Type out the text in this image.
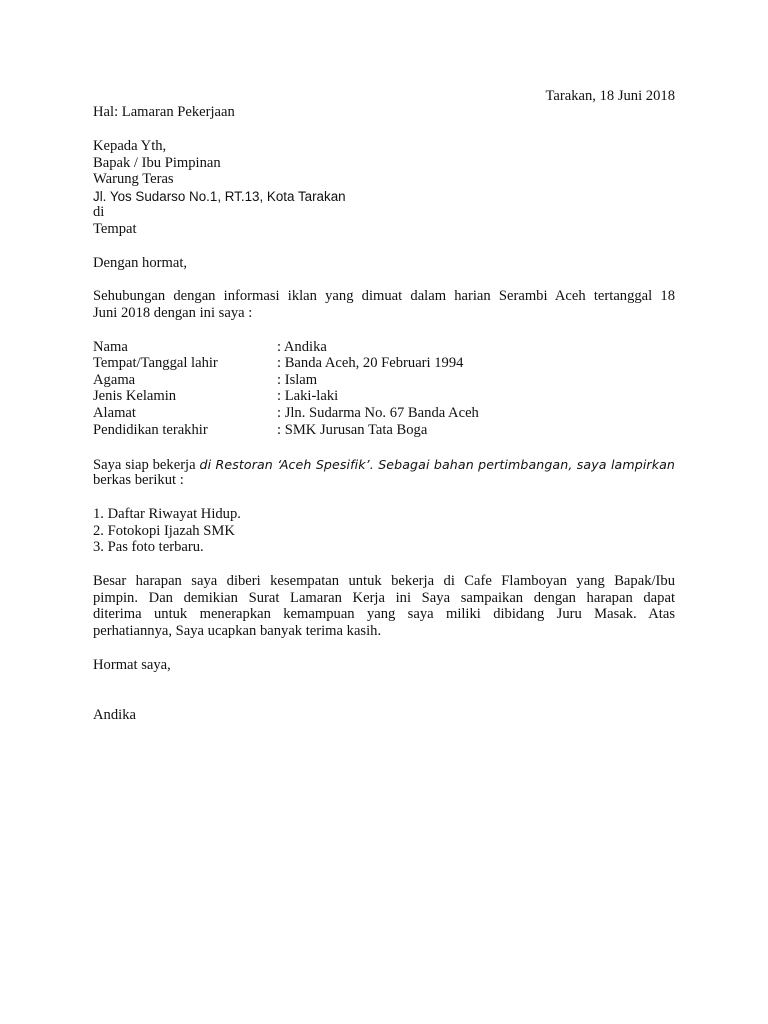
Tarakan, 18 Juni 2018
Hal: Lamaran Pekerjaan
Kepada Yth,
Bapak / Ibu Pimpinan
Warung Teras
Jl. Yos Sudarso No.1, RT.13, Kota Tarakan
di
Tempat
Dengan hormat,
Sehubungan dengan informasi iklan yang dimuat dalam harian Serambi Aceh tertanggal 18
Juni 2018 dengan ini saya :
Nama	: Andika
Tempat/Tanggal lahir	: Banda Aceh, 20 Februari 1994
Agama	: Islam
Jenis Kelamin	: Laki-laki
Alamat	: Jln. Sudarma No. 67 Banda Aceh
Pendidikan terakhir	: SMK Jurusan Tata Boga
Saya siap bekerja di Restoran ‘Aceh Spesifik’. Sebagai bahan pertimbangan, saya lampirkan
berkas berikut :
1. Daftar Riwayat Hidup.
2. Fotokopi Ijazah SMK
3. Pas foto terbaru.
Besar harapan saya diberi kesempatan untuk bekerja di Cafe Flamboyan yang Bapak/Ibu
pimpin. Dan demikian Surat Lamaran Kerja ini Saya sampaikan dengan harapan dapat
diterima untuk menerapkan kemampuan yang saya miliki dibidang Juru Masak. Atas
perhatiannya, Saya ucapkan banyak terima kasih.
Hormat saya,
Andika
